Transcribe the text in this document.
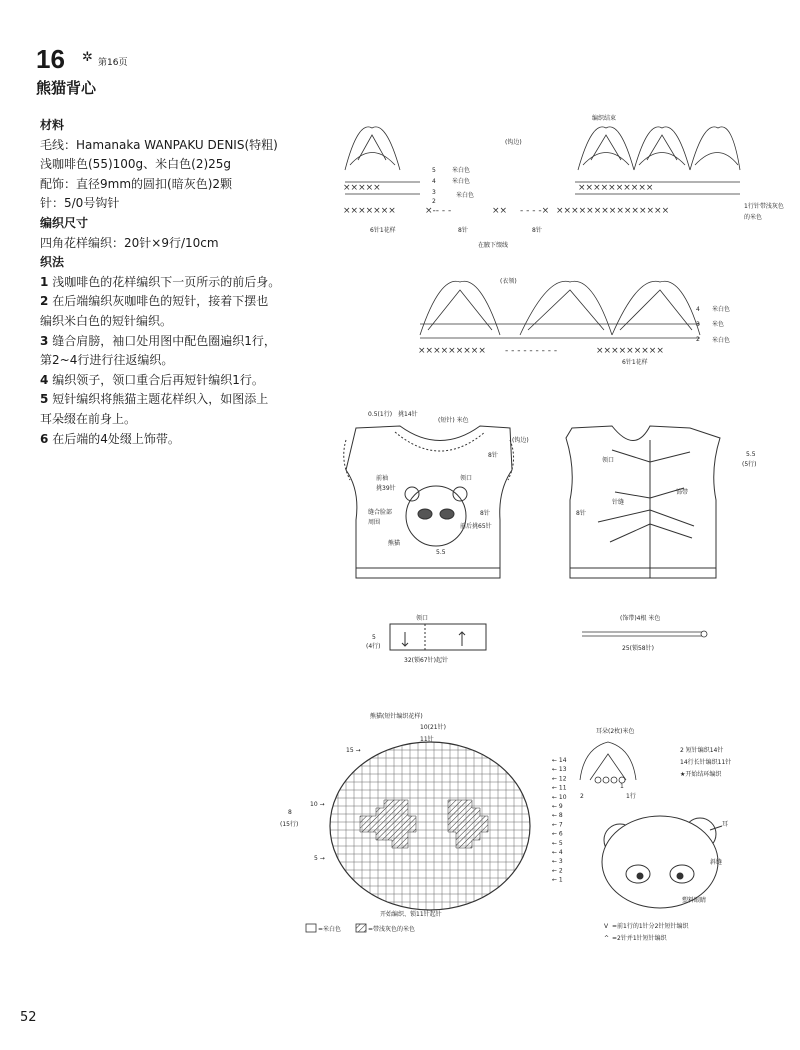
16 ✲ 第16页
熊猫背心
材料
毛线：Hamanaka WANPAKU DENIS(特粗)
浅咖啡色(55)100g、米白色(2)25g
配饰：直径9mm的圆扣(暗灰色)2颗
针：5/0号钩针
编织尺寸
四角花样编织：20针×9行/10cm
织法
1 浅咖啡色的花样编织下一页所示的前后身。
2 在后端编织灰咖啡色的短针，接着下摆也
编织米白色的短针编织。
3 缝合肩膀，袖口处用图中配色圈遍织1行，
第2~4行进行往返编织。
4 编织领子，领口重合后再短针编织1行。
5 短针编织将熊猫主题花样织入，如图添上
耳朵缀在前身上。
6 在后端的4处缀上饰带。
×××××××	×-- - -	×× - - - -× ×××××××××××××××
×××××	××××××××××
(钩边)
编织结束
5
4
3
2
米白色
米白色
米白色
6针1花样	8针	8针
在腋下缀线
1行针带浅灰色
的米色
××××××××× - - - - - - - - -	×××××××××
(衣领)
4
3
2
米白色
米色
米白色
6针1花样
0.5(1行) 挑14针
(短针) 米色
(钩边)
领口
前袖
挑39针
缝合脸部
周围
8针
8针
前后挑65针
熊猫
5.5
领口
5.5
(5行)
针缝
饰带
8针
领口
5
(4行)
32(锁67针)起针
(饰带)4根 米色
25(锁58针)
熊猫(短针编织花样)
10(21针)
11针
8
(15行)
开始编织、锁11针起针
=米白色	=带浅灰色的米色
← 14
← 13
← 12
← 11
← 10
← 9
← 8
← 7
← 6
← 5
← 4
← 3
← 2
← 1
15 →
10 →
5 →
耳朵(2枚)米色
2
1
1行
2 短针编织14针
14行长针编织11针
★开始结环编织
耳
斜缝
塑料眼睛
V =前1行的1针分2针短针编织
^ =2针并1针短针编织
52
